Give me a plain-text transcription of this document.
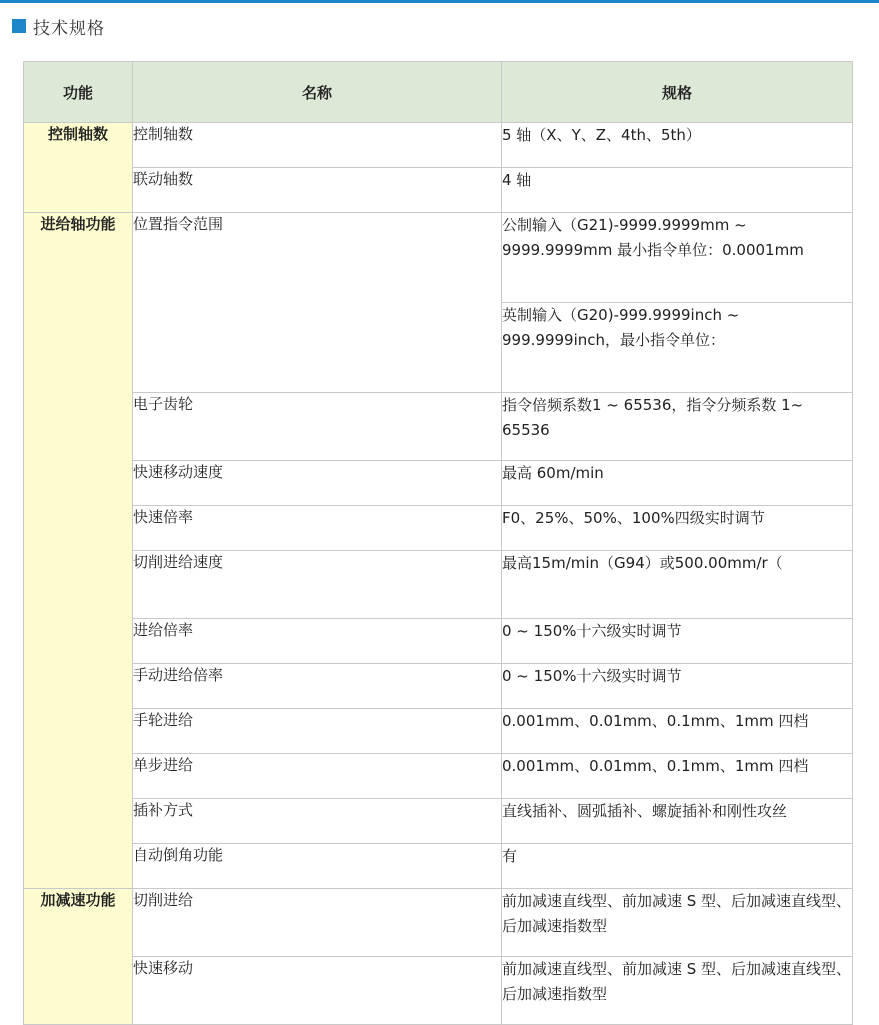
技术规格
功能	名称	规格
控制轴数	控制轴数	5 轴（X、Y、Z、4th、5th）

	联动轴数	4 轴

进给轴功能	位置指令范围	公制输入（G21)-9999.9999mm ~ 9999.9999mm 最小指令单位：0.0001mm

		英制输入（G20)-999.9999inch ~ 999.9999inch，最小指令单位：

	电子齿轮	指令倍频系数1 ~ 65536，指令分频系数 1~ 65536

	快速移动速度	最高 60m/min

	快速倍率	F0、25%、50%、100%四级实时调节

	切削进给速度	最高15m/min（G94）或500.00mm/r（

	进给倍率	0 ~ 150%十六级实时调节

	手动进给倍率	0 ~ 150%十六级实时调节

	手轮进给	0.001mm、0.01mm、0.1mm、1mm 四档

	单步进给	0.001mm、0.01mm、0.1mm、1mm 四档

	插补方式	直线插补、圆弧插补、螺旋插补和刚性攻丝

	自动倒角功能	有

加减速功能	切削进给	前加减速直线型、前加减速 S 型、后加减速直线型、后加减速指数型

	快速移动	前加减速直线型、前加减速 S 型、后加减速直线型、后加减速指数型
